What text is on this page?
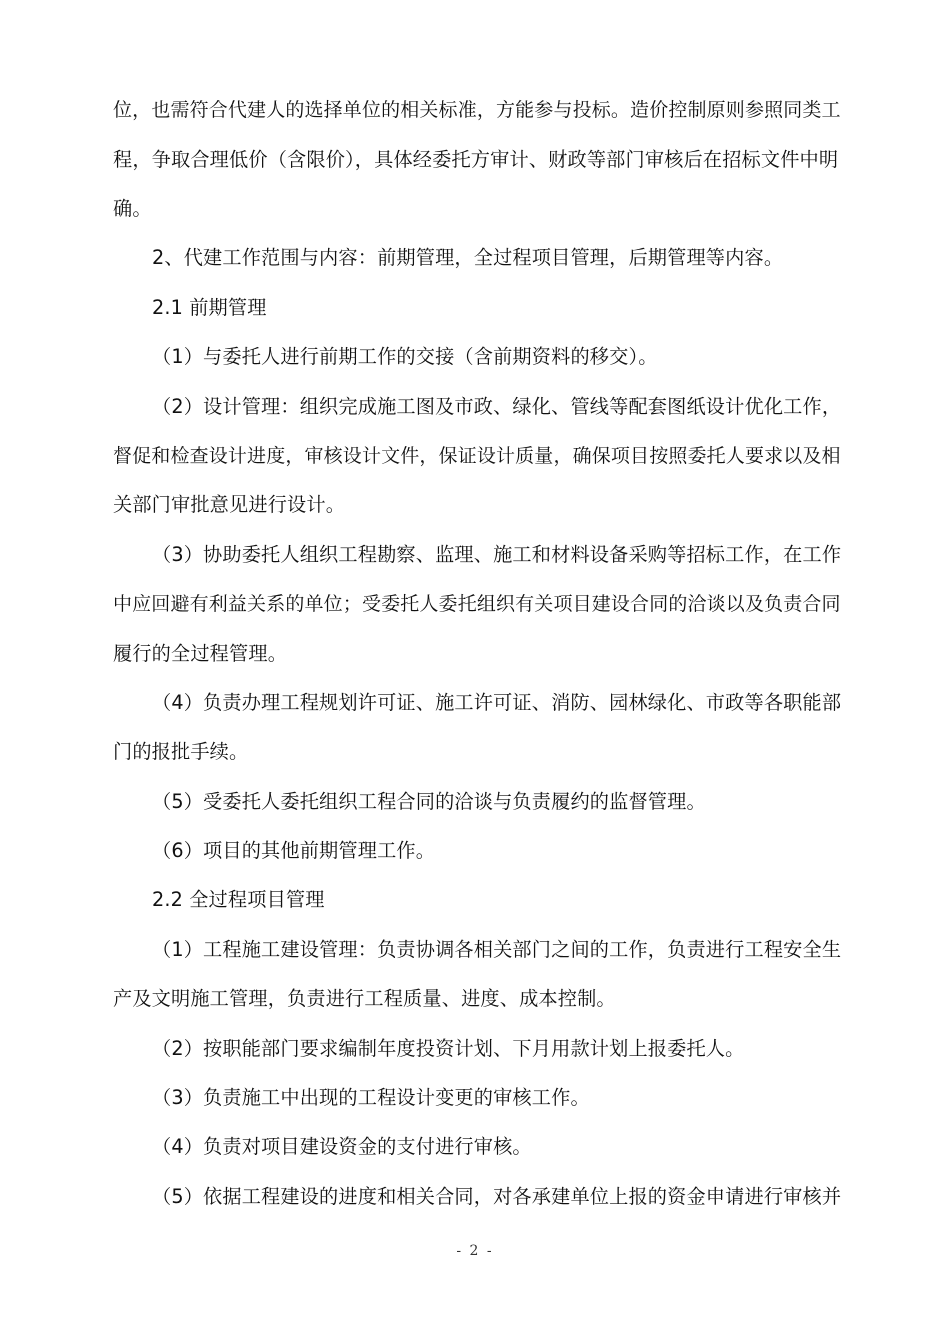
位，也需符合代建人的选择单位的相关标准，方能参与投标。造价控制原则参照同类工
程，争取合理低价（含限价），具体经委托方审计、财政等部门审核后在招标文件中明
确。
2、代建工作范围与内容：前期管理，全过程项目管理，后期管理等内容。
2.1 前期管理
（1）与委托人进行前期工作的交接（含前期资料的移交）。
（2）设计管理：组织完成施工图及市政、绿化、管线等配套图纸设计优化工作，
督促和检查设计进度，审核设计文件，保证设计质量，确保项目按照委托人要求以及相
关部门审批意见进行设计。
（3）协助委托人组织工程勘察、监理、施工和材料设备采购等招标工作，在工作
中应回避有利益关系的单位；受委托人委托组织有关项目建设合同的洽谈以及负责合同
履行的全过程管理。
（4）负责办理工程规划许可证、施工许可证、消防、园林绿化、市政等各职能部
门的报批手续。
（5）受委托人委托组织工程合同的洽谈与负责履约的监督管理。
（6）项目的其他前期管理工作。
2.2 全过程项目管理
（1）工程施工建设管理：负责协调各相关部门之间的工作，负责进行工程安全生
产及文明施工管理，负责进行工程质量、进度、成本控制。
（2）按职能部门要求编制年度投资计划、下月用款计划上报委托人。
（3）负责施工中出现的工程设计变更的审核工作。
（4）负责对项目建设资金的支付进行审核。
（5）依据工程建设的进度和相关合同，对各承建单位上报的资金申请进行审核并
- 2 -
